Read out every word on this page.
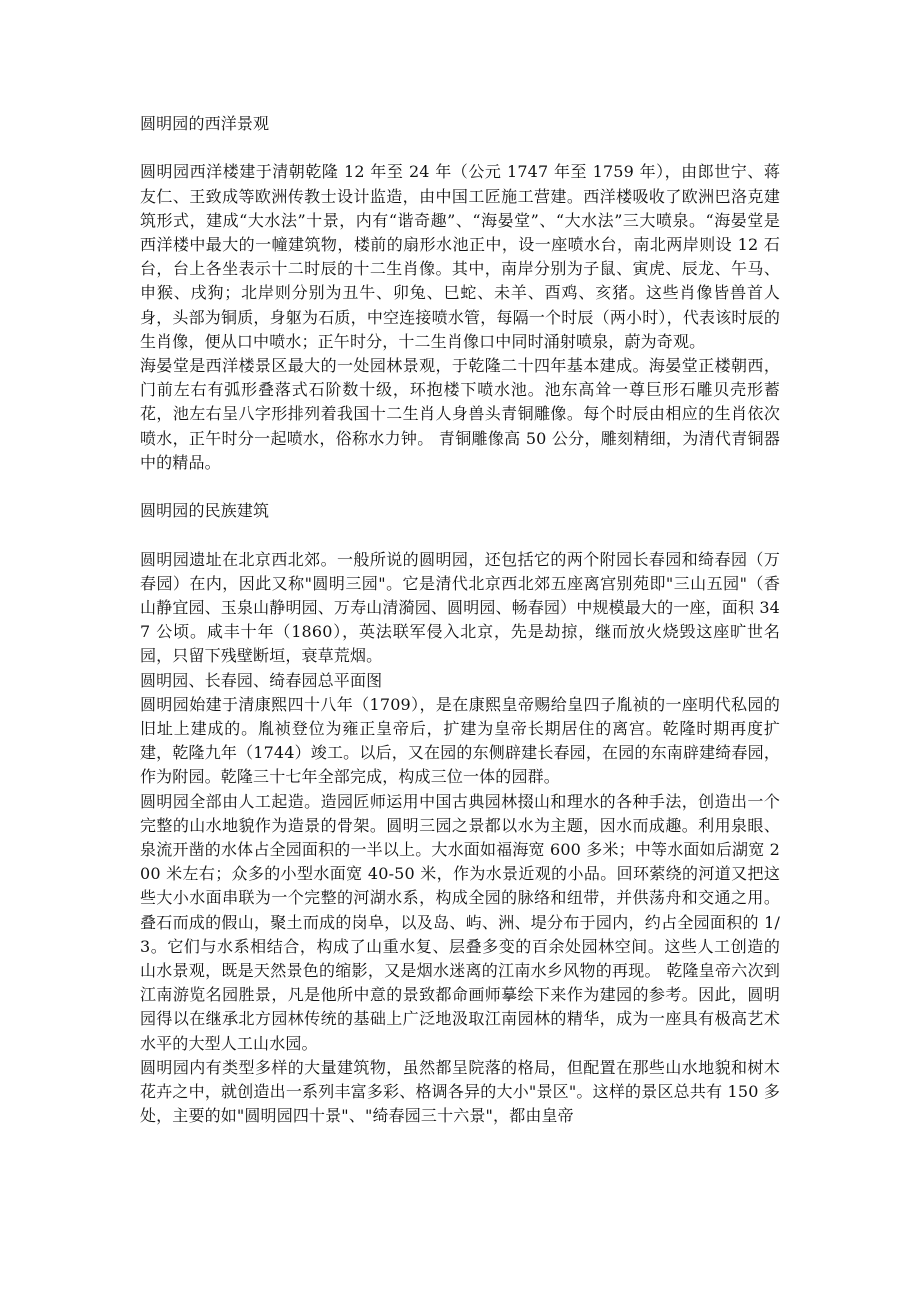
圆明园的西洋景观

圆明园西洋楼建于清朝乾隆 12 年至 24 年（公元 1747 年至 1759 年），由郎世宁、蒋友仁、王致成等欧洲传教士设计监造，由中国工匠施工营建。西洋楼吸收了欧洲巴洛克建筑形式，建成“大水法”十景，内有“谐奇趣”、“海晏堂”、“大水法”三大喷泉。“海晏堂是西洋楼中最大的一幢建筑物，楼前的扇形水池正中，设一座喷水台，南北两岸则设 12 石台，台上各坐表示十二时辰的十二生肖像。其中，南岸分别为子鼠、寅虎、辰龙、午马、申猴、戌狗；北岸则分别为丑牛、卯兔、巳蛇、未羊、酉鸡、亥猪。这些肖像皆兽首人身，头部为铜质，身躯为石质，中空连接喷水管，每隔一个时辰（两小时），代表该时辰的生肖像，便从口中喷水；正午时分，十二生肖像口中同时涌射喷泉，蔚为奇观。

海晏堂是西洋楼景区最大的一处园林景观，于乾隆二十四年基本建成。海晏堂正楼朝西，门前左右有弧形叠落式石阶数十级，环抱楼下喷水池。池东高耸一尊巨形石雕贝壳形蓄花，池左右呈八字形排列着我国十二生肖人身兽头青铜雕像。每个时辰由相应的生肖依次喷水，正午时分一起喷水，俗称水力钟。 青铜雕像高 50 公分，雕刻精细，为清代青铜器中的精品。

圆明园的民族建筑

圆明园遗址在北京西北郊。一般所说的圆明园，还包括它的两个附园长春园和绮春园（万春园）在内，因此又称"圆明三园"。它是清代北京西北郊五座离宫别苑即"三山五园"（香山静宜园、玉泉山静明园、万寿山清漪园、圆明园、畅春园）中规模最大的一座，面积 347 公顷。咸丰十年（1860），英法联军侵入北京，先是劫掠，继而放火烧毁这座旷世名园，只留下残壁断垣，衰草荒烟。

圆明园、长春园、绮春园总平面图

圆明园始建于清康熙四十八年（1709），是在康熙皇帝赐给皇四子胤祯的一座明代私园的旧址上建成的。胤祯登位为雍正皇帝后，扩建为皇帝长期居住的离宫。乾隆时期再度扩建，乾隆九年（1744）竣工。以后，又在园的东侧辟建长春园，在园的东南辟建绮春园，作为附园。乾隆三十七年全部完成，构成三位一体的园群。

圆明园全部由人工起造。造园匠师运用中国古典园林掇山和理水的各种手法，创造出一个完整的山水地貌作为造景的骨架。圆明三园之景都以水为主题，因水而成趣。利用泉眼、泉流开凿的水体占全园面积的一半以上。大水面如福海宽 600 多米；中等水面如后湖宽 200 米左右；众多的小型水面宽 40-50 米，作为水景近观的小品。回环萦绕的河道又把这些大小水面串联为一个完整的河湖水系，构成全园的脉络和纽带，并供荡舟和交通之用。叠石而成的假山，聚土而成的岗阜，以及岛、屿、洲、堤分布于园内，约占全园面积的 1/3。它们与水系相结合，构成了山重水复、层叠多变的百余处园林空间。这些人工创造的山水景观，既是天然景色的缩影，又是烟水迷离的江南水乡风物的再现。 乾隆皇帝六次到江南游览名园胜景，凡是他所中意的景致都命画师摹绘下来作为建园的参考。因此，圆明园得以在继承北方园林传统的基础上广泛地汲取江南园林的精华，成为一座具有极高艺术水平的大型人工山水园。

圆明园内有类型多样的大量建筑物，虽然都呈院落的格局，但配置在那些山水地貌和树木花卉之中，就创造出一系列丰富多彩、格调各异的大小"景区"。这样的景区总共有 150 多处，主要的如"圆明园四十景"、"绮春园三十六景"，都由皇帝
